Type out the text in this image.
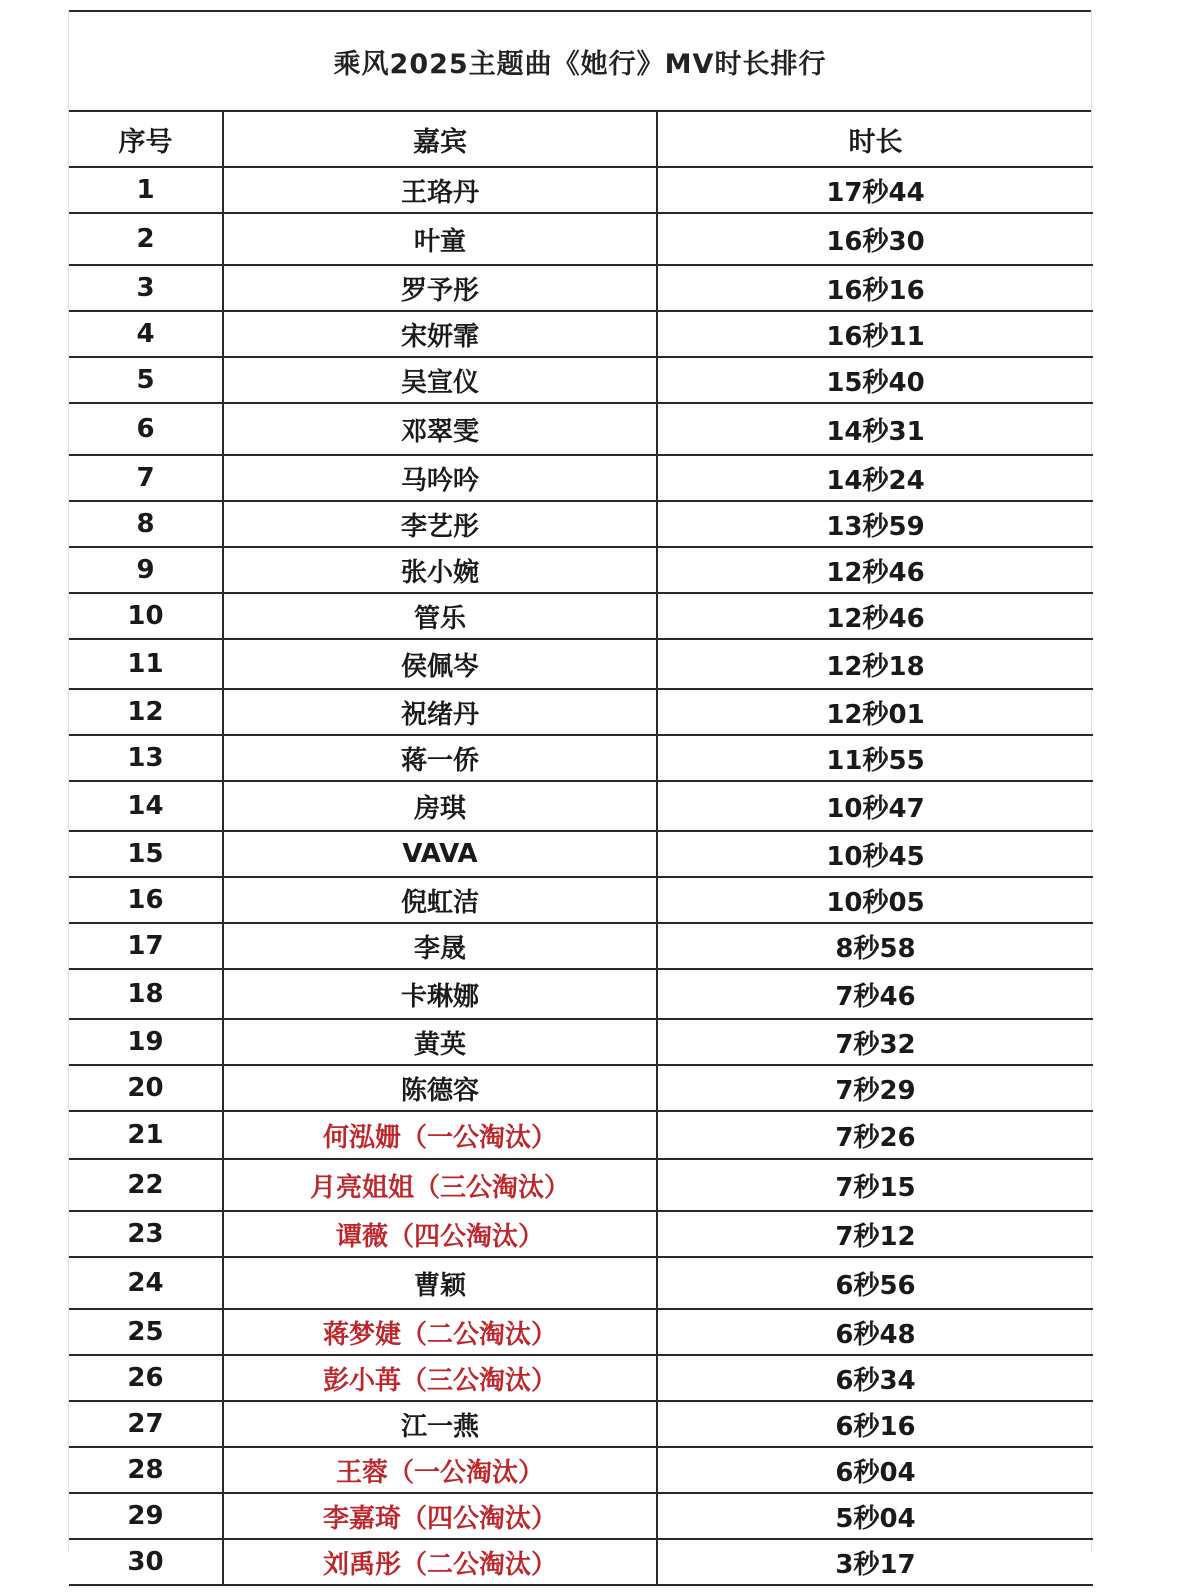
乘风2025主题曲《她行》MV时长排行
序号	嘉宾	时长
1	王珞丹	17秒44
2	叶童	16秒30
3	罗予彤	16秒16
4	宋妍霏	16秒11
5	吴宣仪	15秒40
6	邓翠雯	14秒31
7	马吟吟	14秒24
8	李艺彤	13秒59
9	张小婉	12秒46
10	管乐	12秒46
11	侯佩岑	12秒18
12	祝绪丹	12秒01
13	蒋一侨	11秒55
14	房琪	10秒47
15	VAVA	10秒45
16	倪虹洁	10秒05
17	李晟	8秒58
18	卡琳娜	7秒46
19	黄英	7秒32
20	陈德容	7秒29
21	何泓姗（一公淘汰）	7秒26
22	月亮姐姐（三公淘汰）	7秒15
23	谭薇（四公淘汰）	7秒12
24	曹颖	6秒56
25	蒋梦婕（二公淘汰）	6秒48
26	彭小苒（三公淘汰）	6秒34
27	江一燕	6秒16
28	王蓉（一公淘汰）	6秒04
29	李嘉琦（四公淘汰）	5秒04
30	刘禹彤（二公淘汰）	3秒17
